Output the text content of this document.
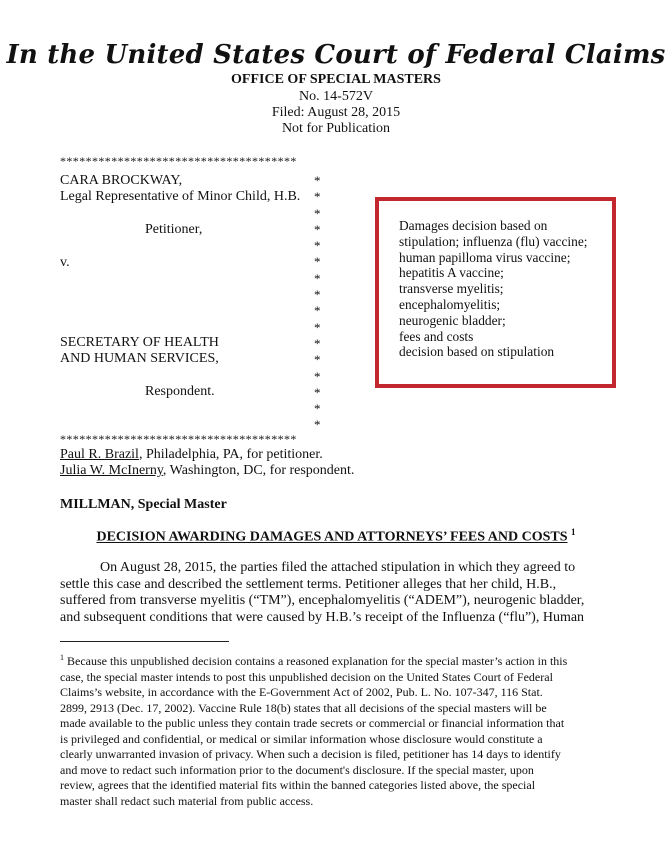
In the United States Court of Federal Claims
OFFICE OF SPECIAL MASTERS
No. 14-572V
Filed: August 28, 2015
Not for Publication
*************************************
CARA BROCKWAY,
Legal Representative of Minor Child, H.B.
Petitioner,
v.
SECRETARY OF HEALTH
AND HUMAN SERVICES,
Respondent.
*
*
*
*
*
*
*
*
*
*
*
*
*
*
*
*
*************************************
Damages decision based on
stipulation; influenza (flu) vaccine;
human papilloma virus vaccine;
hepatitis A vaccine;
transverse myelitis;
encephalomyelitis;
neurogenic bladder;
fees and costs
decision based on stipulation
Paul R. Brazil, Philadelphia, PA, for petitioner.
Julia W. McInerny, Washington, DC, for respondent.
MILLMAN, Special Master
DECISION AWARDING DAMAGES AND ATTORNEYS’ FEES AND COSTS $^1$
On August 28, 2015, the parties filed the attached stipulation in which they agreed to
settle this case and described the settlement terms. Petitioner alleges that her child, H.B.,
suffered from transverse myelitis (“TM”), encephalomyelitis (“ADEM”), neurogenic bladder,
and subsequent conditions that were caused by H.B.’s receipt of the Influenza (“flu”), Human
$^1$ Because this unpublished decision contains a reasoned explanation for the special master’s action in this
case, the special master intends to post this unpublished decision on the United States Court of Federal
Claims’s website, in accordance with the E-Government Act of 2002, Pub. L. No. 107-347, 116 Stat.
2899, 2913 (Dec. 17, 2002). Vaccine Rule 18(b) states that all decisions of the special masters will be
made available to the public unless they contain trade secrets or commercial or financial information that
is privileged and confidential, or medical or similar information whose disclosure would constitute a
clearly unwarranted invasion of privacy. When such a decision is filed, petitioner has 14 days to identify
and move to redact such information prior to the document's disclosure. If the special master, upon
review, agrees that the identified material fits within the banned categories listed above, the special
master shall redact such material from public access.
